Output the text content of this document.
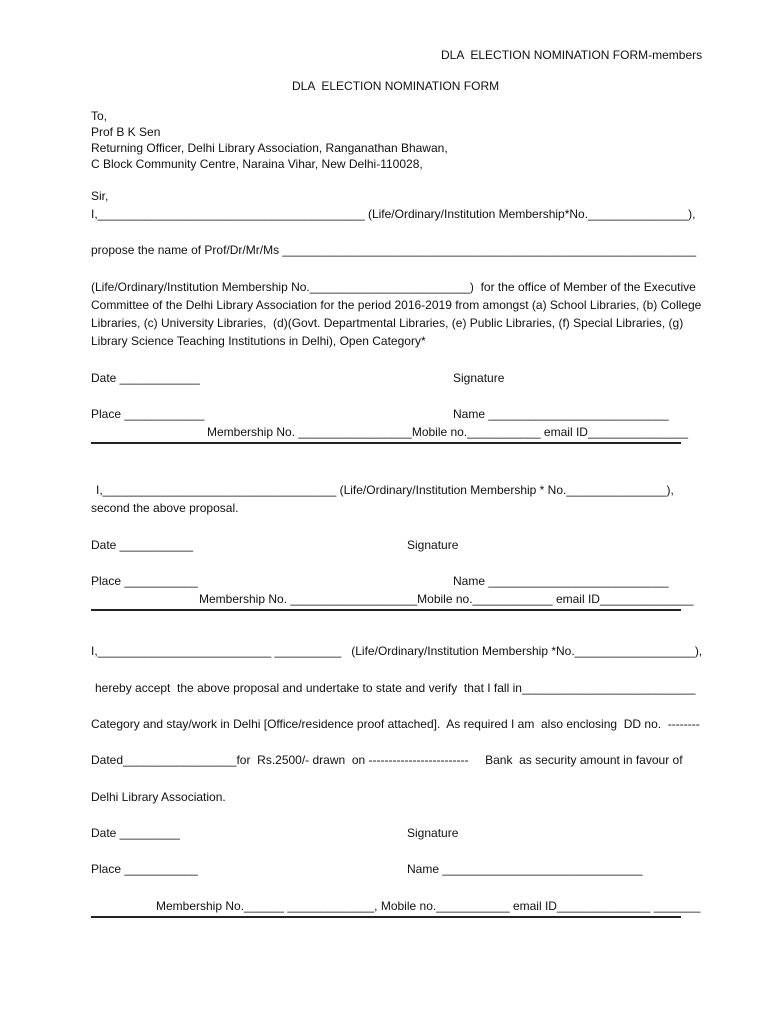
DLA  ELECTION NOMINATION FORM-members
DLA  ELECTION NOMINATION FORM
To,
Prof B K Sen
Returning Officer, Delhi Library Association, Ranganathan Bhawan,
C Block Community Centre, Naraina Vihar, New Delhi-110028,
Sir,
I,________________________________________ (Life/Ordinary/Institution Membership*No._______________),
propose the name of Prof/Dr/Mr/Ms ______________________________________________________________
(Life/Ordinary/Institution Membership No.________________________)  for the office of Member of the Executive
Committee of the Delhi Library Association for the period 2016-2019 from amongst (a) School Libraries, (b) College
Libraries, (c) University Libraries,  (d)(Govt. Departmental Libraries, (e) Public Libraries, (f) Special Libraries, (g)
Library Science Teaching Institutions in Delhi), Open Category*
Date ____________	Signature
Place ____________	Name ___________________________
Membership No. _________________Mobile no.___________ email ID_______________
I,___________________________________ (Life/Ordinary/Institution Membership * No._______________),
second the above proposal.
Date ___________	Signature
Place ___________	Name ___________________________
Membership No. ___________________Mobile no.____________ email ID______________
I,__________________________ __________   (Life/Ordinary/Institution Membership *No.__________________),
hereby accept  the above proposal and undertake to state and verify  that I fall in__________________________
Category and stay/work in Delhi [Office/residence proof attached].  As required I am  also enclosing  DD no.  --------
Dated_________________for  Rs.2500/- drawn  on -------------------------     Bank  as security amount in favour of
Delhi Library Association.
Date _________	Signature
Place ___________	Name ______________________________
Membership No.______ _____________, Mobile no.___________ email ID______________ _______
